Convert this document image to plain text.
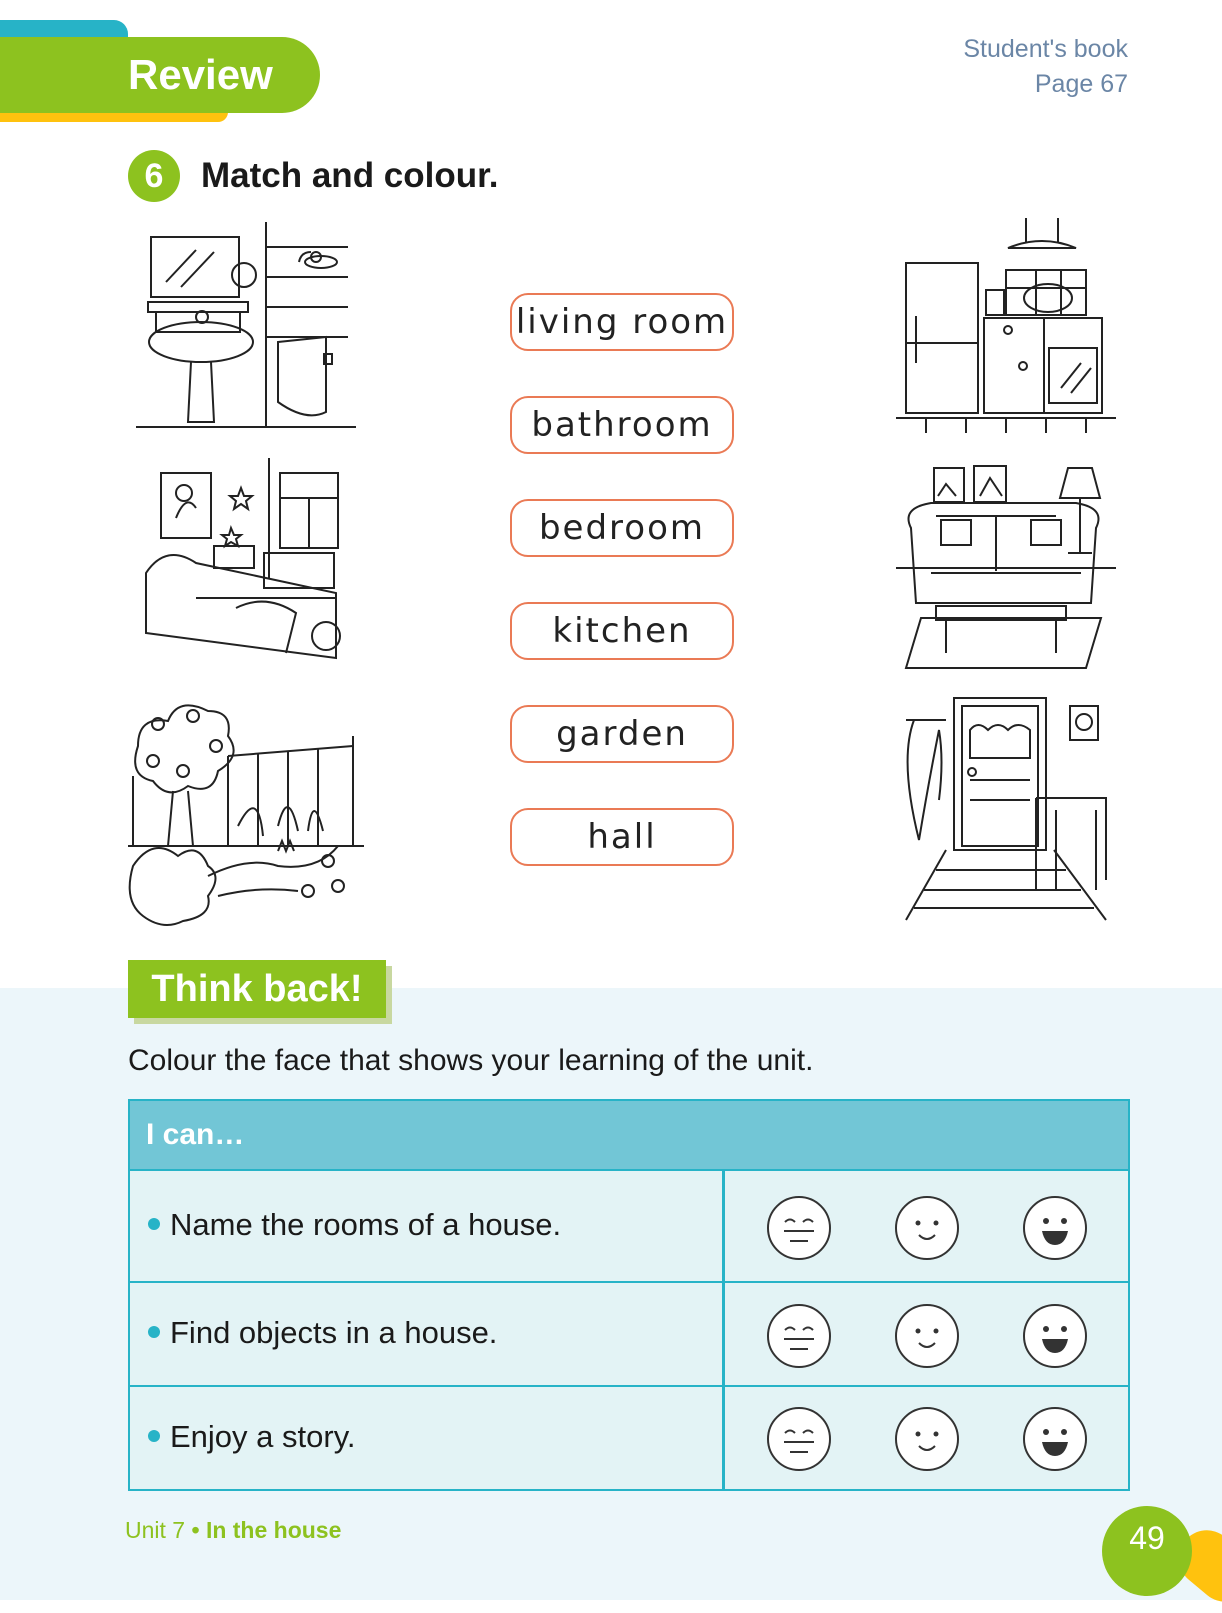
Review
Student's book
Page 67
6	Match and colour.
living room
bathroom
bedroom
kitchen
garden
hall
Think back!
Colour the face that shows your learning of the unit.
I can…
Name the rooms of a house.
Find objects in a house.
Enjoy a story.
Unit 7 • In the house	49
